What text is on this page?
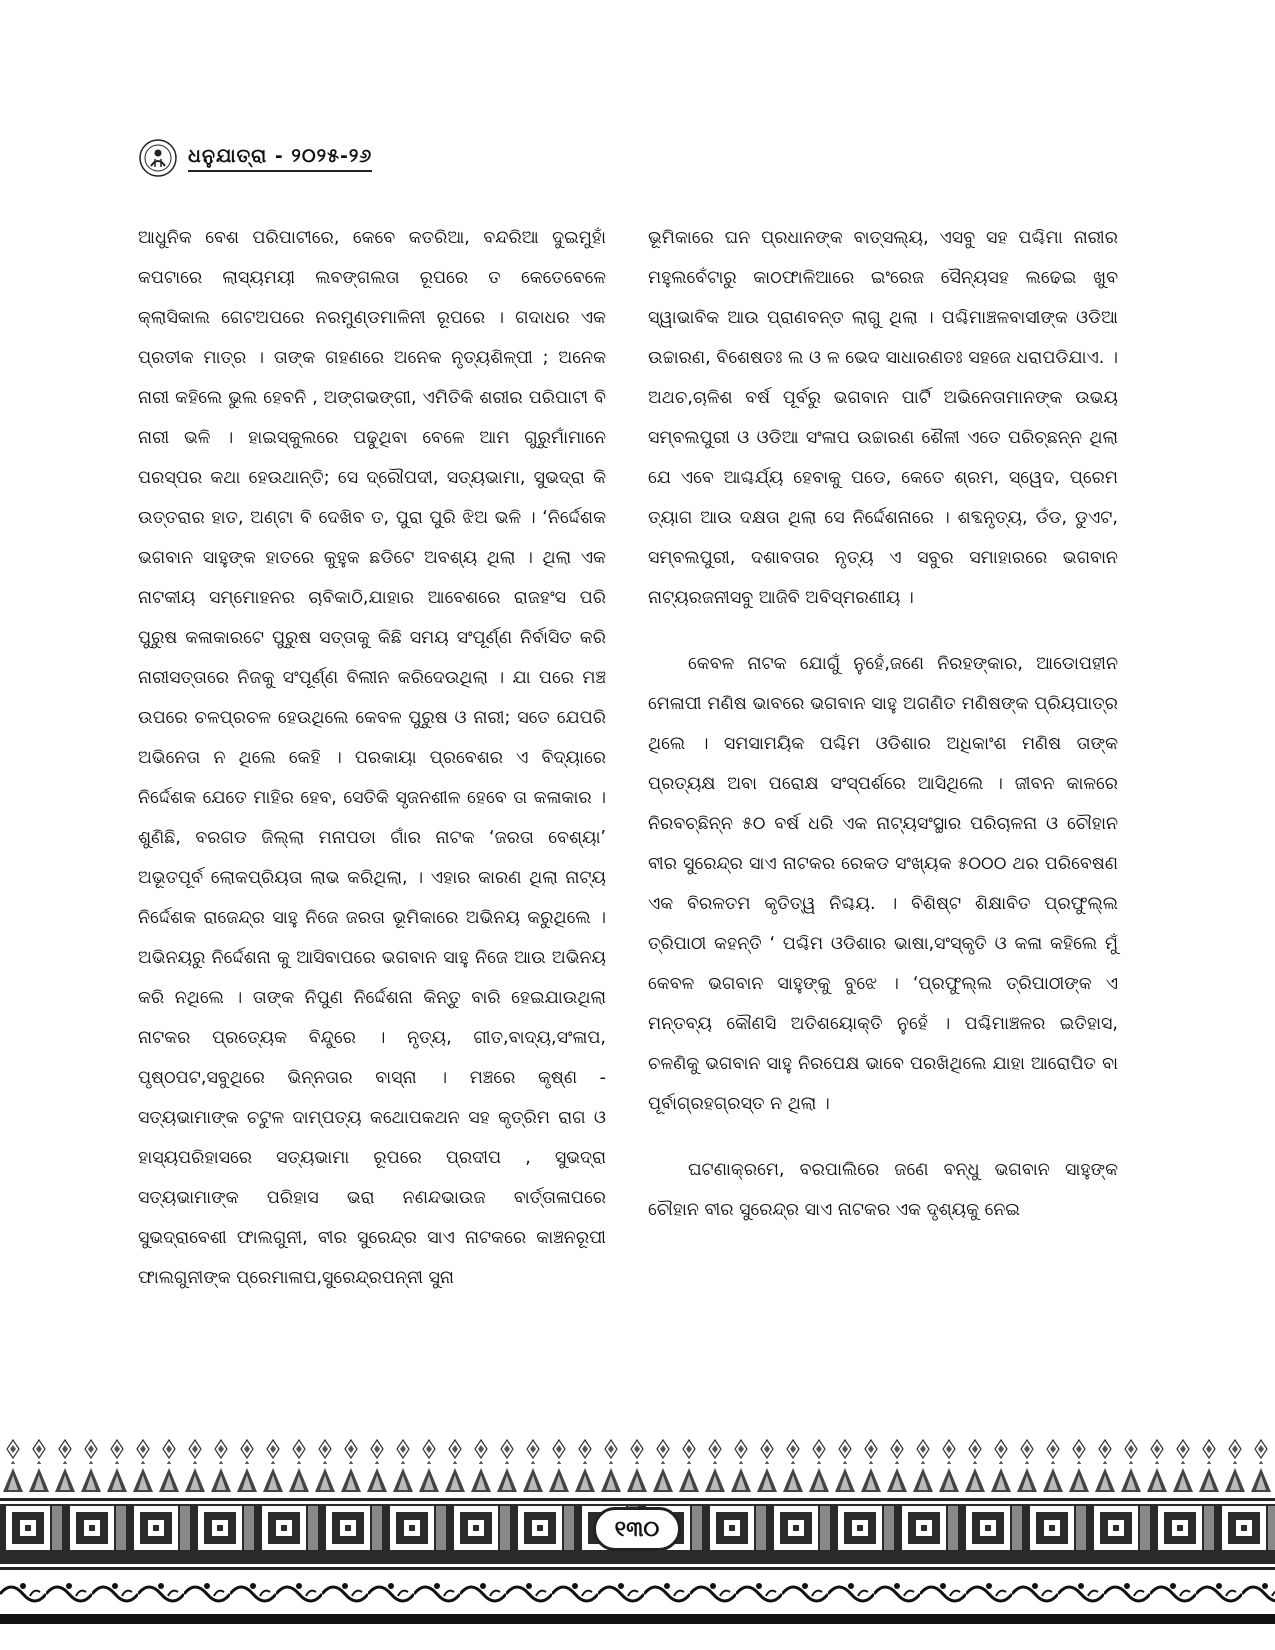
ଧନୁଯାତ୍ରା - ୨୦୨୫-୨୬

ଆଧୁନିକ ବେଶ ପରିପାଟୀରେ, କେବେ କତରିଆ, ବନ୍ଦରିଆ ଦୁଇମୁହାଁ କପଟାରେ ଲାସ୍ୟମୟୀ ଲବଙ୍ଗଲତା ରୂପରେ ତ କେତେବେଳେ କ୍ଲାସିକାଲ ଗେଟଅପରେ ନରମୁଣ୍ଡମାଳିନୀ ରୂପରେ । ଗଦାଧର ଏକ ପ୍ରତୀକ ମାତ୍ର । ତାଙ୍କ ଗହଣରେ ଅନେକ ନୃତ୍ୟଶିଳ୍ପୀ ; ଅନେକ ନାରୀ କହିଲେ ଭୁଲ ହେବନି , ଅଙ୍ଗଭଙ୍ଗୀ, ଏମିତିକି ଶରୀର ପରିପାଟୀ ବି ନାରୀ ଭଳି । ହାଇସ୍କୁଲରେ ପଢୁଥିବା ବେଳେ ଆମ ଗୁରୁମାଁମାନେ ପରସ୍ପର କଥା ହେଉଥାନ୍ତି; ସେ ଦ୍ରୌପଦୀ, ସତ୍ୟଭାମା, ସୁଭଦ୍ରା କି ଉତ୍ତରାର ହାତ, ଅଣ୍ଟା ବି ଦେଖିବ ତ, ପୁରା ପୁରି ଝିଅ ଭଳି । ‘ନିର୍ଦ୍ଦେଶକ ଭଗବାନ ସାହୁଙ୍କ ହାତରେ କୁହୁକ ଛଡିଟେ ଅବଶ୍ୟ ଥିଲା । ଥିଲା ଏକ ନାଟକୀୟ ସମ୍ମୋହନର ଚାବିକାଠି,ଯାହାର ଆବେଶରେ ରାଜହଂସ ପରି ପୁରୁଷ କଳାକାରଟେ ପୁରୁଷ ସତ୍ତାକୁ କିଛି ସମୟ ସଂପୂର୍ଣ୍ଣ ନିର୍ବାସିତ କରି ନାରୀସତ୍ତାରେ ନିଜକୁ ସଂପୂର୍ଣ୍ଣ ବିଲୀନ କରିଦେଉଥିଲା । ଯା ପରେ ମଞ୍ଚ ଉପରେ ଚଳପ୍ରଚଳ ହେଉଥିଲେ କେବଳ ପୁରୁଷ ଓ ନାରୀ; ସତେ ଯେପରି ଅଭିନେତା ନ ଥିଲେ କେହି । ପରକାୟା ପ୍ରବେଶର ଏ ବିଦ୍ୟାରେ ନିର୍ଦ୍ଦେଶକ ଯେତେ ମାହିର ହେବ, ସେତିକି ସୃଜନଶୀଳ ହେବେ ତା କଳାକାର । ଶୁଣିଛି, ବରଗଡ ଜିଲ୍ଲା ମନାପଡା ଗାଁର ନାଟକ ‘ଜରତା ବେଶ୍ୟା’ ଅଭୂତପୂର୍ବ ଲୋକପ୍ରିୟତା ଲାଭ କରିଥିଲା, । ଏହାର କାରଣ ଥିଲା ନାଟ୍ୟ ନିର୍ଦ୍ଦେଶକ ରାଜେନ୍ଦ୍ର ସାହୁ ନିଜେ ଜରତା ଭୂମିକାରେ ଅଭିନୟ କରୁଥିଲେ । ଅଭିନୟରୁ ନିର୍ଦ୍ଦେଶନା କୁ ଆସିବାପରେ ଭଗବାନ ସାହୁ ନିଜେ ଆଉ ଅଭିନୟ କରି ନଥିଲେ । ତାଙ୍କ ନିପୁଣ ନିର୍ଦ୍ଦେଶନା କିନ୍ତୁ ବାରି ହେଇଯାଉଥିଲା ନାଟକର ପ୍ରତ୍ୟେକ ବିନ୍ଦୁରେ । ନୃତ୍ୟ, ଗୀତ,ବାଦ୍ୟ,ସଂଳାପ, ପୃଷ୍ଠପଟ,ସବୁଥିରେ ଭିନ୍ନତାର ବାସ୍ନା । ମଞ୍ଚରେ କୃଷ୍ଣ - ସତ୍ୟଭାମାଙ୍କ ଚଟୁଳ ଦାମ୍ପତ୍ୟ କଥୋପକଥନ ସହ କୃତ୍ରିମ ରାଗ ଓ ହାସ୍ୟପରିହାସରେ ସତ୍ୟଭାମା ରୂପରେ ପ୍ରଦୀପ , ସୁଭଦ୍ରା ସତ୍ୟଭାମାଙ୍କ ପରିହାସ ଭରା ନଣନ୍ଦଭାଉଜ ବାର୍ତ୍ତାଳାପରେ ସୁଭଦ୍ରାବେଶୀ ଫାଲଗୁନୀ, ବୀର ସୁରେନ୍ଦ୍ର ସାଏ ନାଟକରେ କାଞ୍ଚନରୂପୀ ଫାଲଗୁନୀଙ୍କ ପ୍ରେମାଳାପ,ସୁରେନ୍ଦ୍ରପନ୍ନୀ ସୁନା

ଭୂମିକାରେ ଘନ ପ୍ରଧାନଙ୍କ ବାତ୍ସଲ୍ୟ, ଏସବୁ ସହ ପଶ୍ଚିମା ନାରୀର ମହୁଲବେଁଟାରୁ କାଠଫାଳିଆରେ ଇଂରେଜ ସୈନ୍ୟସହ ଲଢେଇ ଖୁବ ସ୍ୱାଭାବିକ ଆଉ ପ୍ରାଣବନ୍ତ ଲାଗୁ ଥିଲା । ପଶ୍ଚିମାଞ୍ଚଳବାସୀଙ୍କ ଓଡିଆ ଉଚ୍ଚାରଣ, ବିଶେଷତଃ ଲ ଓ ଳ ଭେଦ ସାଧାରଣତଃ ସହଜେ ଧରାପଡିଯାଏ. । ଅଥଚ,ଚାଳିଶ ବର୍ଷ ପୂର୍ବରୁ ଭଗବାନ ପାର୍ଟି ଅଭିନେତାମାନଙ୍କ ଉଭୟ ସମ୍ବଲପୁରୀ ଓ ଓଡିଆ ସଂଳାପ ଉଚ୍ଚାରଣ ଶୈଳୀ ଏତେ ପରିଚ୍ଛନ୍ନ ଥିଲା ଯେ ଏବେ ଆଶ୍ଚର୍ଯ୍ୟ ହେବାକୁ ପଡେ, କେତେ ଶ୍ରମ, ସ୍ୱେଦ, ପ୍ରେମ ତ୍ୟାଗ ଆଉ ଦକ୍ଷତା ଥିଲା ସେ ନିର୍ଦ୍ଦେଶନାରେ । ଶବ୍ଦନୃତ୍ୟ, ଡଁଡ, ଡୁଏଟ, ସମ୍ବଲପୁରୀ, ଦଶାବତାର ନୃତ୍ୟ ଏ ସବୁର ସମାହାରରେ ଭଗବାନ ନାଟ୍ୟରଜନୀସବୁ ଆଜିବି ଅବିସ୍ମରଣୀୟ ।

କେବଳ ନାଟକ ଯୋଗୁଁ ନୁହେଁ,ଜଣେ ନିରହଙ୍କାର, ଆଡୋପହୀନ ମେଳାପୀ ମଣିଷ ଭାବରେ ଭଗବାନ ସାହୁ ଅଗଣିତ ମଣିଷଙ୍କ ପ୍ରିୟପାତ୍ର ଥିଲେ । ସମସାମୟିକ ପଶ୍ଚିମ ଓଡିଶାର ଅଧିକାଂଶ ମଣିଷ ତାଙ୍କ ପ୍ରତ୍ୟକ୍ଷ ଅବା ପରୋକ୍ଷ ସଂସ୍ପର୍ଶରେ ଆସିଥିଲେ । ଜୀବନ କାଳରେ ନିରବଚ୍ଛିନ୍ନ ୫୦ ବର୍ଷ ଧରି ଏକ ନାଟ୍ୟସଂସ୍ଥାର ପରିଚାଳନା ଓ ଚୌହାନ ବୀର ସୁରେନ୍ଦ୍ର ସାଏ ନାଟକର ରେକଡ ସଂଖ୍ୟକ ୫୦୦୦ ଥର ପରିବେଷଣ ଏକ ବିରଳତମ କୃତିତ୍ୱ ନିଶ୍ଚୟ. । ବିଶିଷ୍ଟ ଶିକ୍ଷାବିତ ପ୍ରଫୁଲ୍ଲ ତ୍ରିପାଠୀ କହନ୍ତି ‘ ପଶ୍ଚିମ ଓଡିଶାର ଭାଷା,ସଂସ୍କୃତି ଓ କଳା କହିଲେ ମୁଁ କେବଳ ଭଗବାନ ସାହୁଙ୍କୁ ବୁଝେ । ‘ପ୍ରଫୁଲ୍ଲ ତ୍ରିପାଠୀଙ୍କ ଏ ମନ୍ତବ୍ୟ କୌଣସି ଅତିଶୟୋକ୍ତି ନୁହେଁ । ପଶ୍ଚିମାଞ୍ଚଳର ଇତିହାସ, ଚଳଣିକୁ ଭଗବାନ ସାହୁ ନିରପେକ୍ଷ ଭାବେ ପରଖିଥିଲେ ଯାହା ଆରୋପିତ ବା ପୂର୍ବାଗ୍ରହଗ୍ରସ୍ତ ନ ଥିଲା ।

ଘଟଣାକ୍ରମେ, ବରପାଲିରେ ଜଣେ ବନ୍ଧୁ ଭଗବାନ ସାହୁଙ୍କ ଚୌହାନ ବୀର ସୁରେନ୍ଦ୍ର ସାଏ ନାଟକର ଏକ ଦୃଶ୍ୟକୁ ନେଇ

୧୩୦
